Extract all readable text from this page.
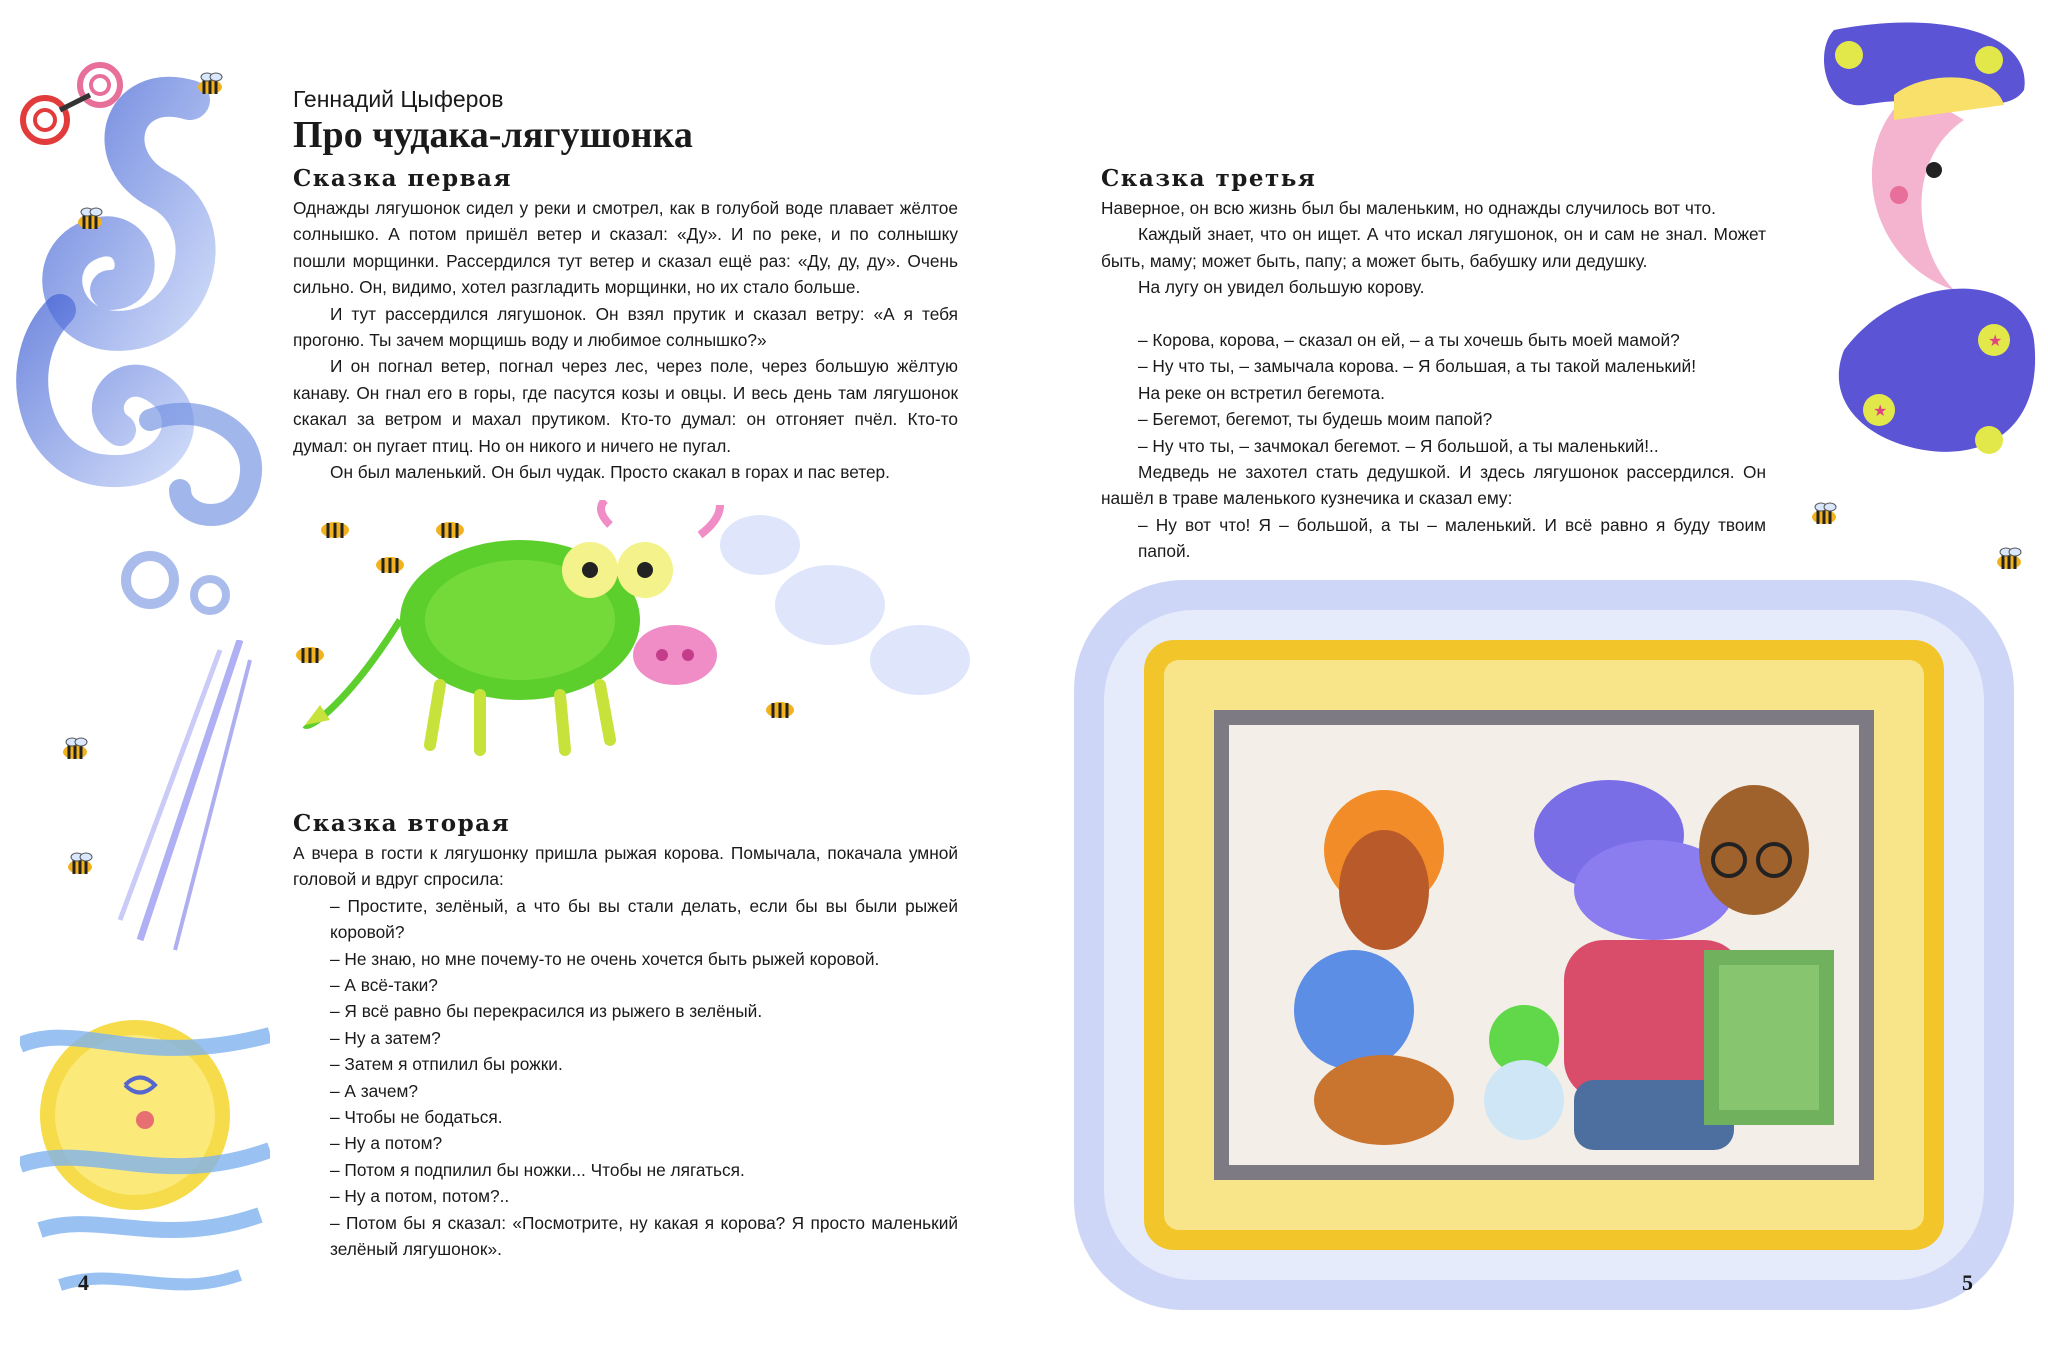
Геннадий Цыферов
Про чудака-лягушонка
Сказка первая

Однажды лягушонок сидел у реки и смотрел, как в голубой воде плавает жёлтое солнышко. А потом пришёл ветер и сказал: «Ду». И по реке, и по солнышку пошли морщинки. Рассердился тут ветер и сказал ещё раз: «Ду, ду, ду». Очень сильно. Он, видимо, хотел разгладить морщинки, но их стало больше.

И тут рассердился лягушонок. Он взял прутик и сказал ветру: «А я тебя прогоню. Ты зачем морщишь воду и любимое солнышко?»

И он погнал ветер, погнал через лес, через поле, через большую жёлтую канаву. Он гнал его в горы, где пасутся козы и овцы. И весь день там лягушонок скакал за ветром и махал прутиком. Кто-то думал: он отгоняет пчёл. Кто-то думал: он пугает птиц. Но он никого и ничего не пугал.

Он был маленький. Он был чудак. Просто скакал в горах и пас ветер.

Сказка вторая

А вчера в гости к лягушонку пришла рыжая корова. Помычала, покачала умной головой и вдруг спросила:

– Простите, зелёный, а что бы вы стали делать, если бы вы были рыжей коровой?

– Не знаю, но мне почему-то не очень хочется быть рыжей коровой.

– А всё-таки?

– Я всё равно бы перекрасился из рыжего в зелёный.

– Ну а затем?

– Затем я отпилил бы рожки.

– А зачем?

– Чтобы не бодаться.

– Ну а потом?

– Потом я подпилил бы ножки... Чтобы не лягаться.

– Ну а потом, потом?..

– Потом бы я сказал: «Посмотрите, ну какая я корова? Я просто маленький зелёный лягушонок».

4
★
★
Сказка третья

Наверное, он всю жизнь был бы маленьким, но однажды случилось вот что.

Каждый знает, что он ищет. А что искал лягушонок, он и сам не знал. Может быть, маму; может быть, папу; а может быть, бабушку или дедушку.

На лугу он увидел большую корову.

– Корова, корова, – сказал он ей, – а ты хочешь быть моей мамой?

– Ну что ты, – замычала корова. – Я большая, а ты такой маленький!

На реке он встретил бегемота.

– Бегемот, бегемот, ты будешь моим папой?

– Ну что ты, – зачмокал бегемот. – Я большой, а ты маленький!..

Медведь не захотел стать дедушкой. И здесь лягушонок рассердился. Он нашёл в траве маленького кузнечика и сказал ему:

– Ну вот что! Я – большой, а ты – маленький. И всё равно я буду твоим папой.

5
